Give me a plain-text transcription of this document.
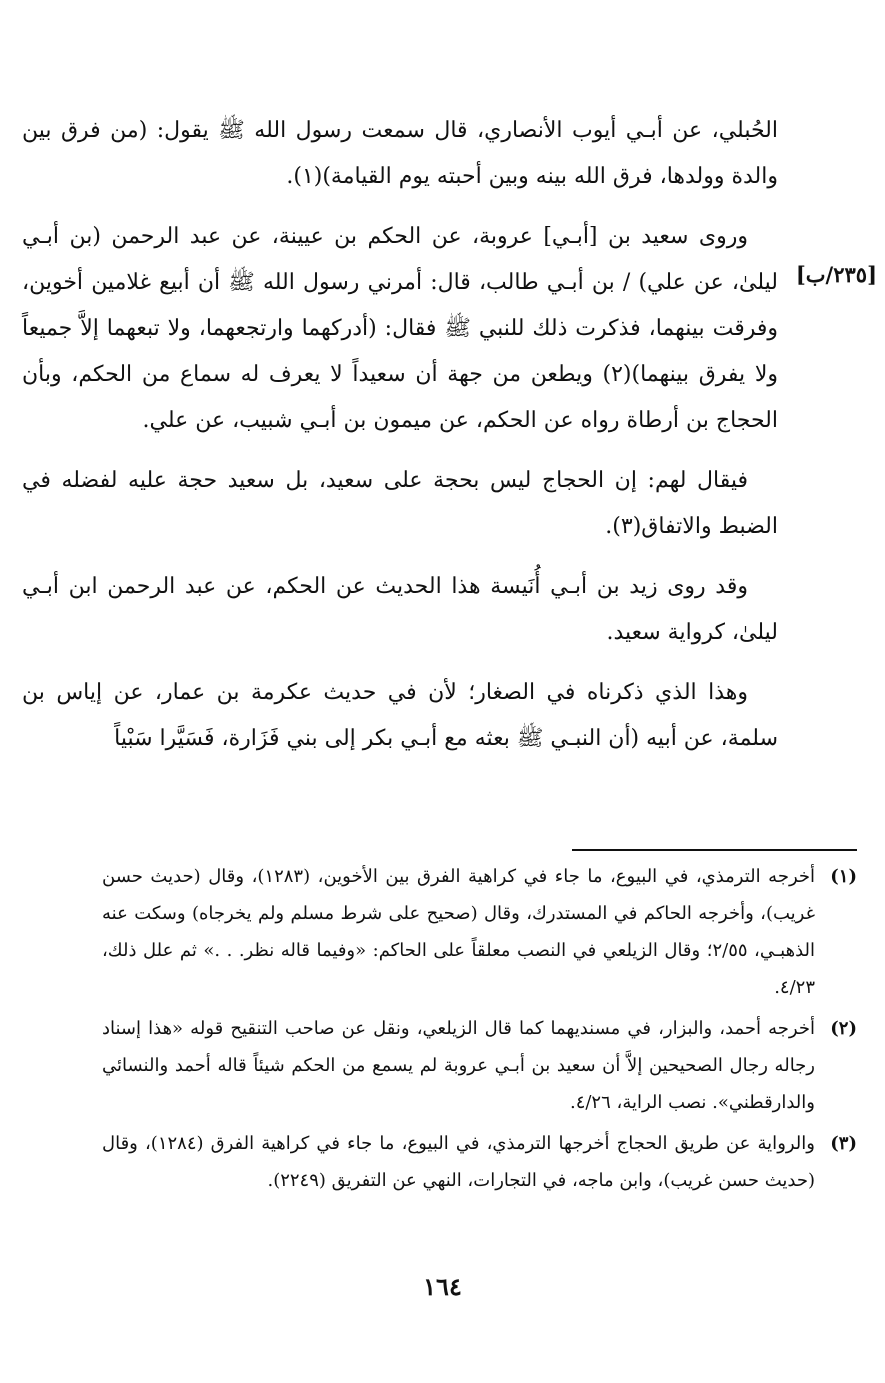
[٢٣٥/ب]

الحُبلي، عن أبـي أيوب الأنصاري، قال سمعت رسول الله ﷺ يقول: (من فرق بين والدة وولدها، فرق الله بينه وبين أحبته يوم القيامة)(١).

وروى سعيد بن [أبـي] عروبة، عن الحكم بن عيينة، عن عبد الرحمن (بن أبـي ليلىٰ، عن علي) / بن أبـي طالب، قال: أمرني رسول الله ﷺ أن أبيع غلامين أخوين، وفرقت بينهما، فذكرت ذلك للنبي ﷺ فقال: (أدركهما وارتجعهما، ولا تبعهما إلاَّ جميعاً ولا يفرق بينهما)(٢) ويطعن من جهة أن سعيداً لا يعرف له سماع من الحكم، وبأن الحجاج بن أرطاة رواه عن الحكم، عن ميمون بن أبـي شبيب، عن علي.

فيقال لهم: إن الحجاج ليس بحجة على سعيد، بل سعيد حجة عليه لفضله في الضبط والاتفاق(٣).

وقد روى زيد بن أبـي أُنَيسة هذا الحديث عن الحكم، عن عبد الرحمن ابن أبـي ليلىٰ، كرواية سعيد.

وهذا الذي ذكرناه في الصغار؛ لأن في حديث عكرمة بن عمار، عن إياس بن سلمة، عن أبيه (أن النبـي ﷺ بعثه مع أبـي بكر إلى بني فَزَارة، فَسَيَّرا سَبْياً

(١)
أخرجه الترمذي، في البيوع، ما جاء في كراهية الفرق بين الأخوين، (١٢٨٣)، وقال (حديث حسن غريب)، وأخرجه الحاكم في المستدرك، وقال (صحيح على شرط مسلم ولم يخرجاه) وسكت عنه الذهبـي، ٢/٥٥؛ وقال الزيلعي في النصب معلقاً على الحاكم: «وفيما قاله نظر. . .» ثم علل ذلك، ٤/٢٣.
(٢)
أخرجه أحمد، والبزار، في مسنديهما كما قال الزيلعي، ونقل عن صاحب التنقيح قوله «هذا إسناد رجاله رجال الصحيحين إلاَّ أن سعيد بن أبـي عروبة لم يسمع من الحكم شيئاً قاله أحمد والنسائي والدارقطني». نصب الراية، ٤/٢٦.
(٣)
والرواية عن طريق الحجاج أخرجها الترمذي، في البيوع، ما جاء في كراهية الفرق (١٢٨٤)، وقال (حديث حسن غريب)، وابن ماجه، في التجارات، النهي عن التفريق (٢٢٤٩).
١٦٤
